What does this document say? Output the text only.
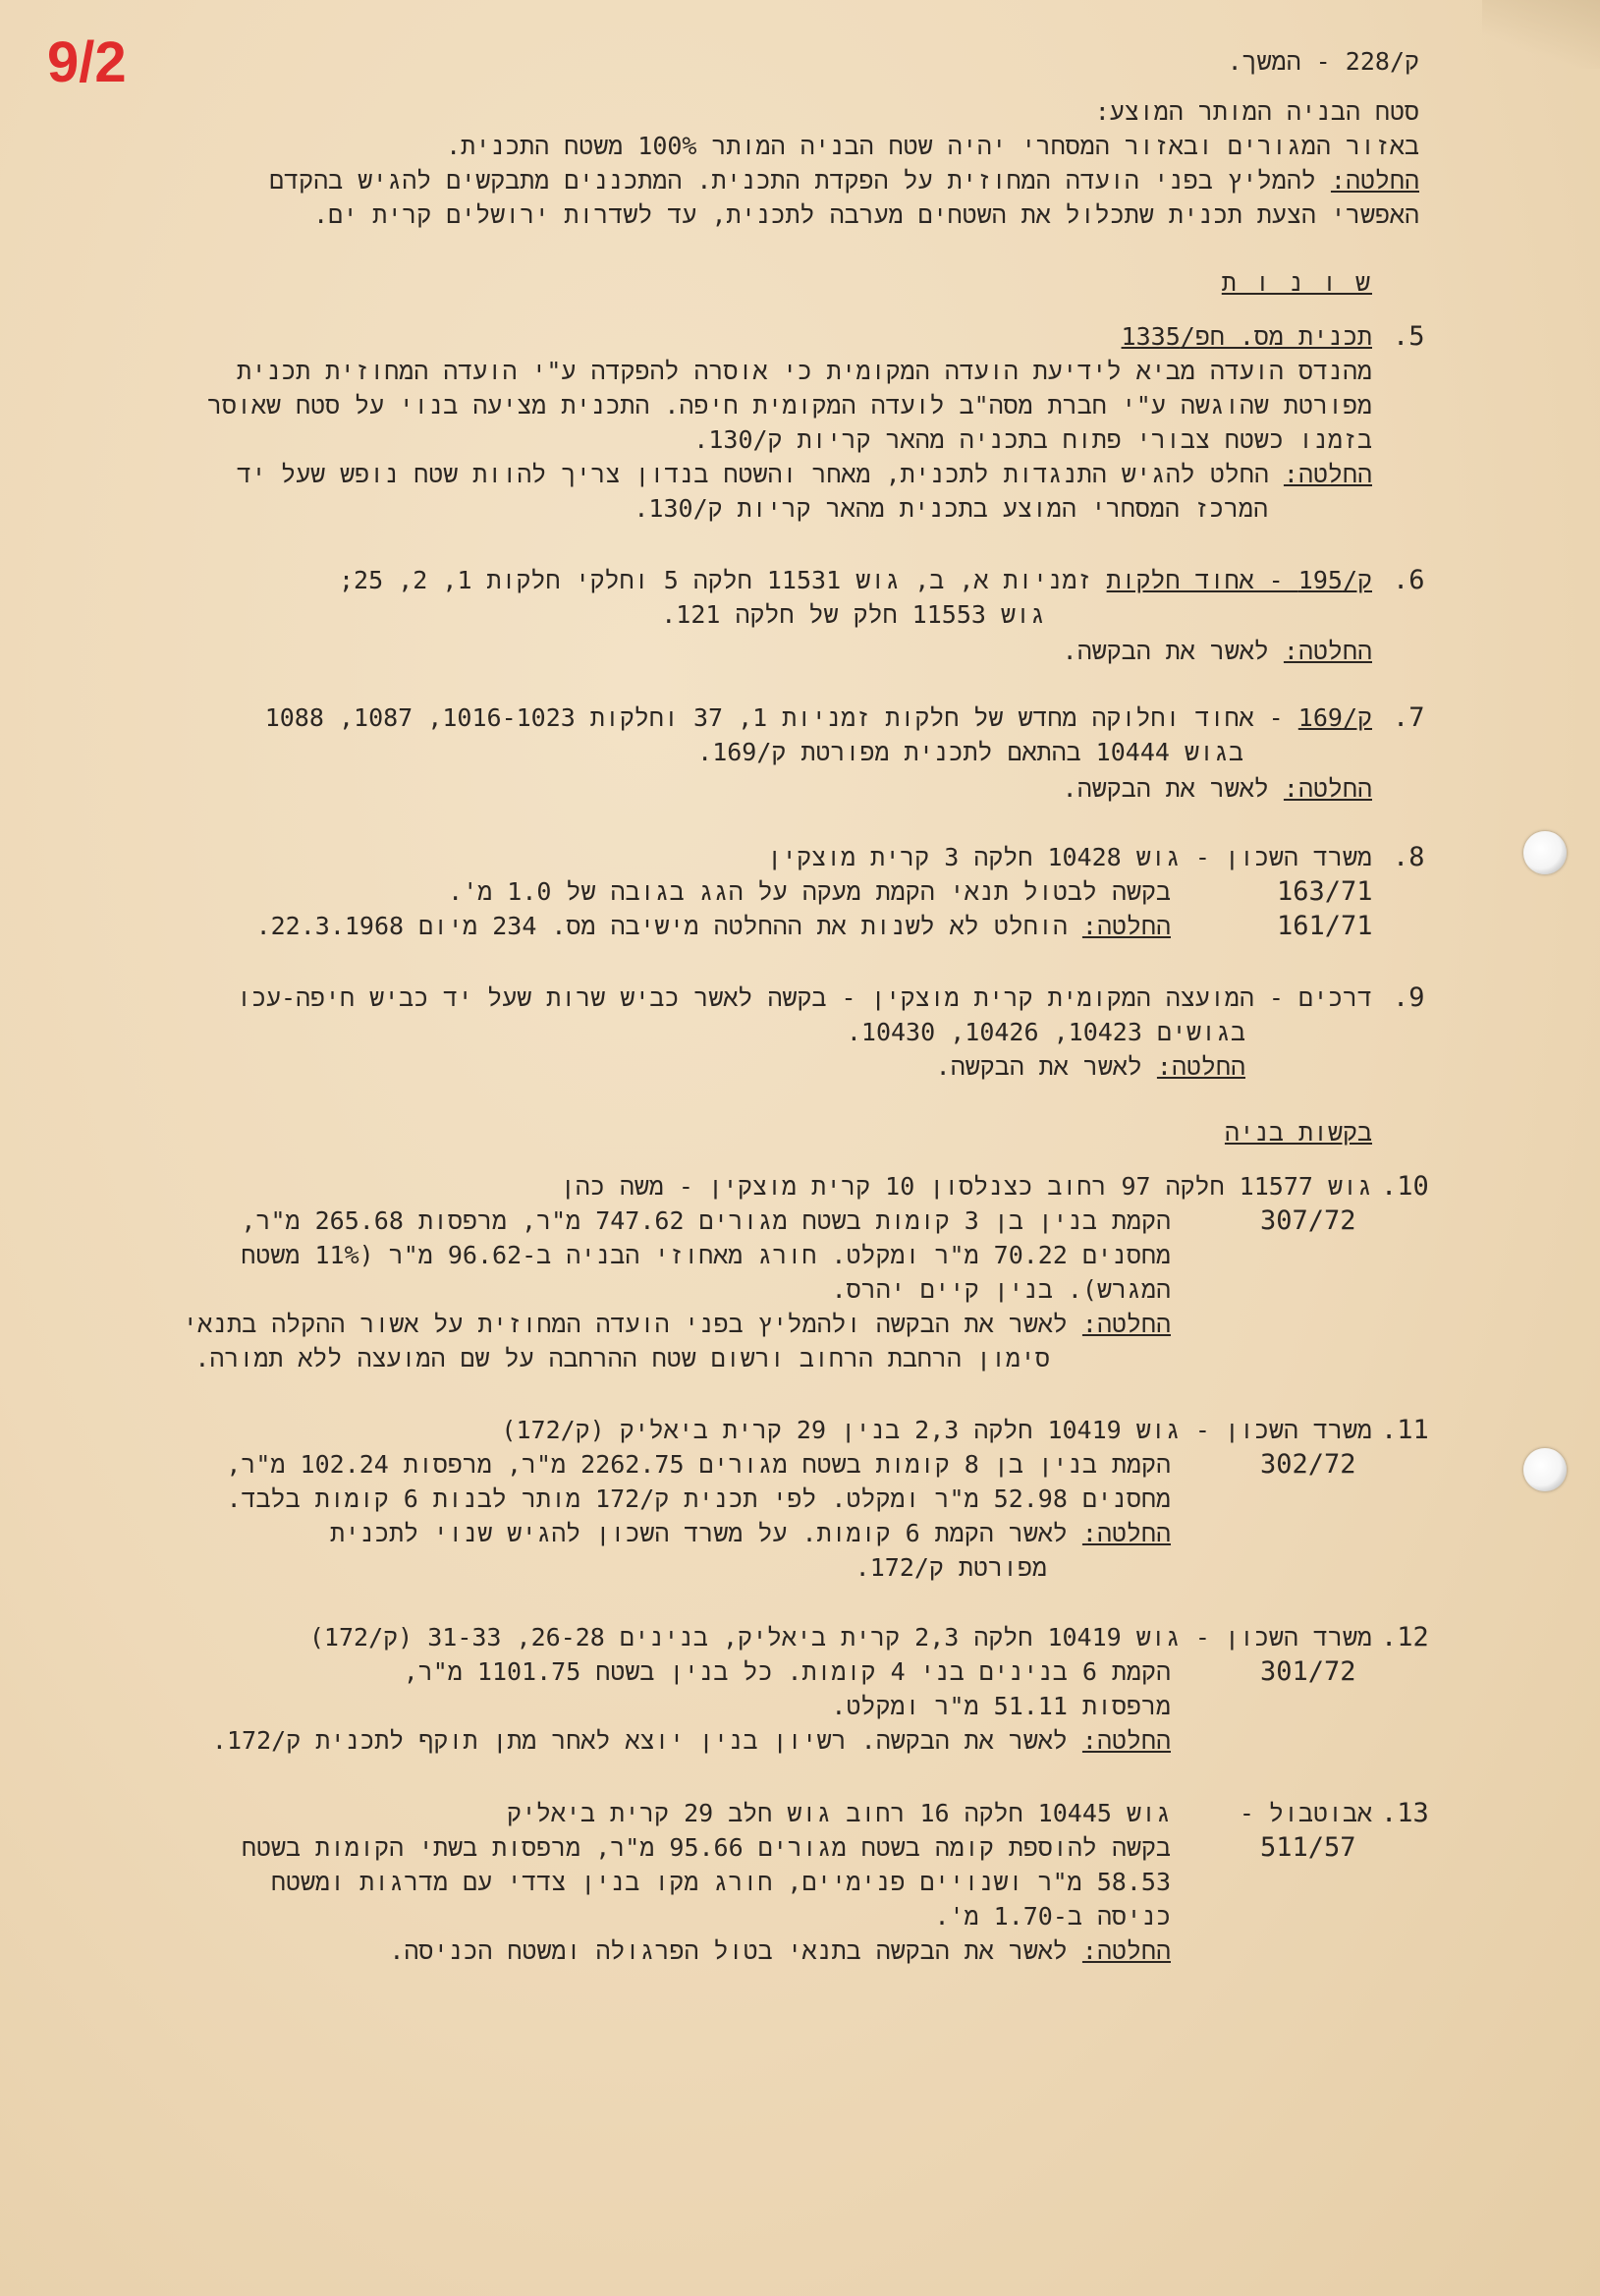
9/2	ק/228 - המשך.
סטח הבניה המותר המוצע:
באזור המגורים ובאזור המסחרי יהיה שטח הבניה המותר 100% משטח התכנית.
החלטה: להמליץ בפני הועדה המחוזית על הפקדת התכנית. המתכננים מתבקשים להגיש בהקדם
האפשרי הצעת תכנית שתכלול את השטחים מערבה לתכנית, עד לשדרות ירושלים קרית ים.
ש ו נ ו ת
.5
תכנית מס. חפ/1335
מהנדס הועדה מביא לידיעת הועדה המקומית כי אוסרה להפקדה ע"י הועדה המחוזית תכנית
מפורטת שהוגשה ע"י חברת מסה"ב לועדה המקומית חיפה. התכנית מציעה בנוי על סטח שאוסר
בזמנו כשטח צבורי פתוח בתכניה מהאר קריות ק/130.
החלטה: החלט להגיש התנגדות לתכנית, מאחר והשטח בנדון צריך להוות שטח נופש שעל יד
המרכז המסחרי המוצע בתכנית מהאר קריות ק/130.
.6
ק/195 - אחוד חלקות זמניות א, ב, גוש 11531 חלקה 5 וחלקי חלקות 1, 2, 25;
גוש 11553 חלק של חלקה 121.
החלטה: לאשר את הבקשה.
.7
ק/169 - אחוד וחלוקה מחדש של חלקות זמניות 1, 37 וחלקות 1016-1023, 1087, 1088
בגוש 10444 בהתאם לתכנית מפורטת ק/169.
החלטה: לאשר את הבקשה.
.8
משרד השכון - גוש 10428 חלקה 3 קרית מוצקין
163/71
בקשה לבטול תנאי הקמת מעקה על הגג בגובה של 1.0 מ'.
161/71
החלטה: הוחלט לא לשנות את ההחלטה מישיבה מס. 234 מיום 22.3.1968.
.9
דרכים - המועצה המקומית קרית מוצקין - בקשה לאשר כביש שרות שעל יד כביש חיפה-עכו
בגושים 10423, 10426, 10430.
החלטה: לאשר את הבקשה.
בקשות בניה
.10
גוש 11577 חלקה 97 רחוב כצנלסון 10 קרית מוצקין - משה כהן
307/72
הקמת בנין בן 3 קומות בשטח מגורים 747.62 מ"ר, מרפסות 265.68 מ"ר,
מחסנים 70.22 מ"ר ומקלט. חורג מאחוזי הבניה ב-96.62 מ"ר (11% משטח
המגרש). בנין קיים יהרס.
החלטה: לאשר את הבקשה ולהמליץ בפני הועדה המחוזית על אשור ההקלה בתנאי
סימון הרחבת הרחוב ורשום שטח ההרחבה על שם המועצה ללא תמורה.
.11
משרד השכון - גוש 10419 חלקה 2,3 בנין 29 קרית ביאליק (ק/172)
302/72
הקמת בנין בן 8 קומות בשטח מגורים 2262.75 מ"ר, מרפסות 102.24 מ"ר,
מחסנים 52.98 מ"ר ומקלט. לפי תכנית ק/172 מותר לבנות 6 קומות בלבד.
החלטה: לאשר הקמת 6 קומות. על משרד השכון להגיש שנוי לתכנית
מפורטת ק/172.
.12
משרד השכון - גוש 10419 חלקה 2,3 קרית ביאליק, בנינים 26-28, 31-33 (ק/172)
301/72
הקמת 6 בנינים בני 4 קומות. כל בנין בשטח 1101.75 מ"ר,
מרפסות 51.11 מ"ר ומקלט.
החלטה: לאשר את הבקשה. רשיון בנין יוצא לאחר מתן תוקף לתכנית ק/172.
.13
אבוטבול -
511/57
גוש 10445 חלקה 16 רחוב גוש חלב 29 קרית ביאליק
בקשה להוספת קומה בשטח מגורים 95.66 מ"ר, מרפסות בשתי הקומות בשטח
58.53 מ"ר ושנויים פנימיים, חורג מקו בנין צדדי עם מדרגות ומשטח
כניסה ב-1.70 מ'.
החלטה: לאשר את הבקשה בתנאי בטול הפרגולה ומשטח הכניסה.
